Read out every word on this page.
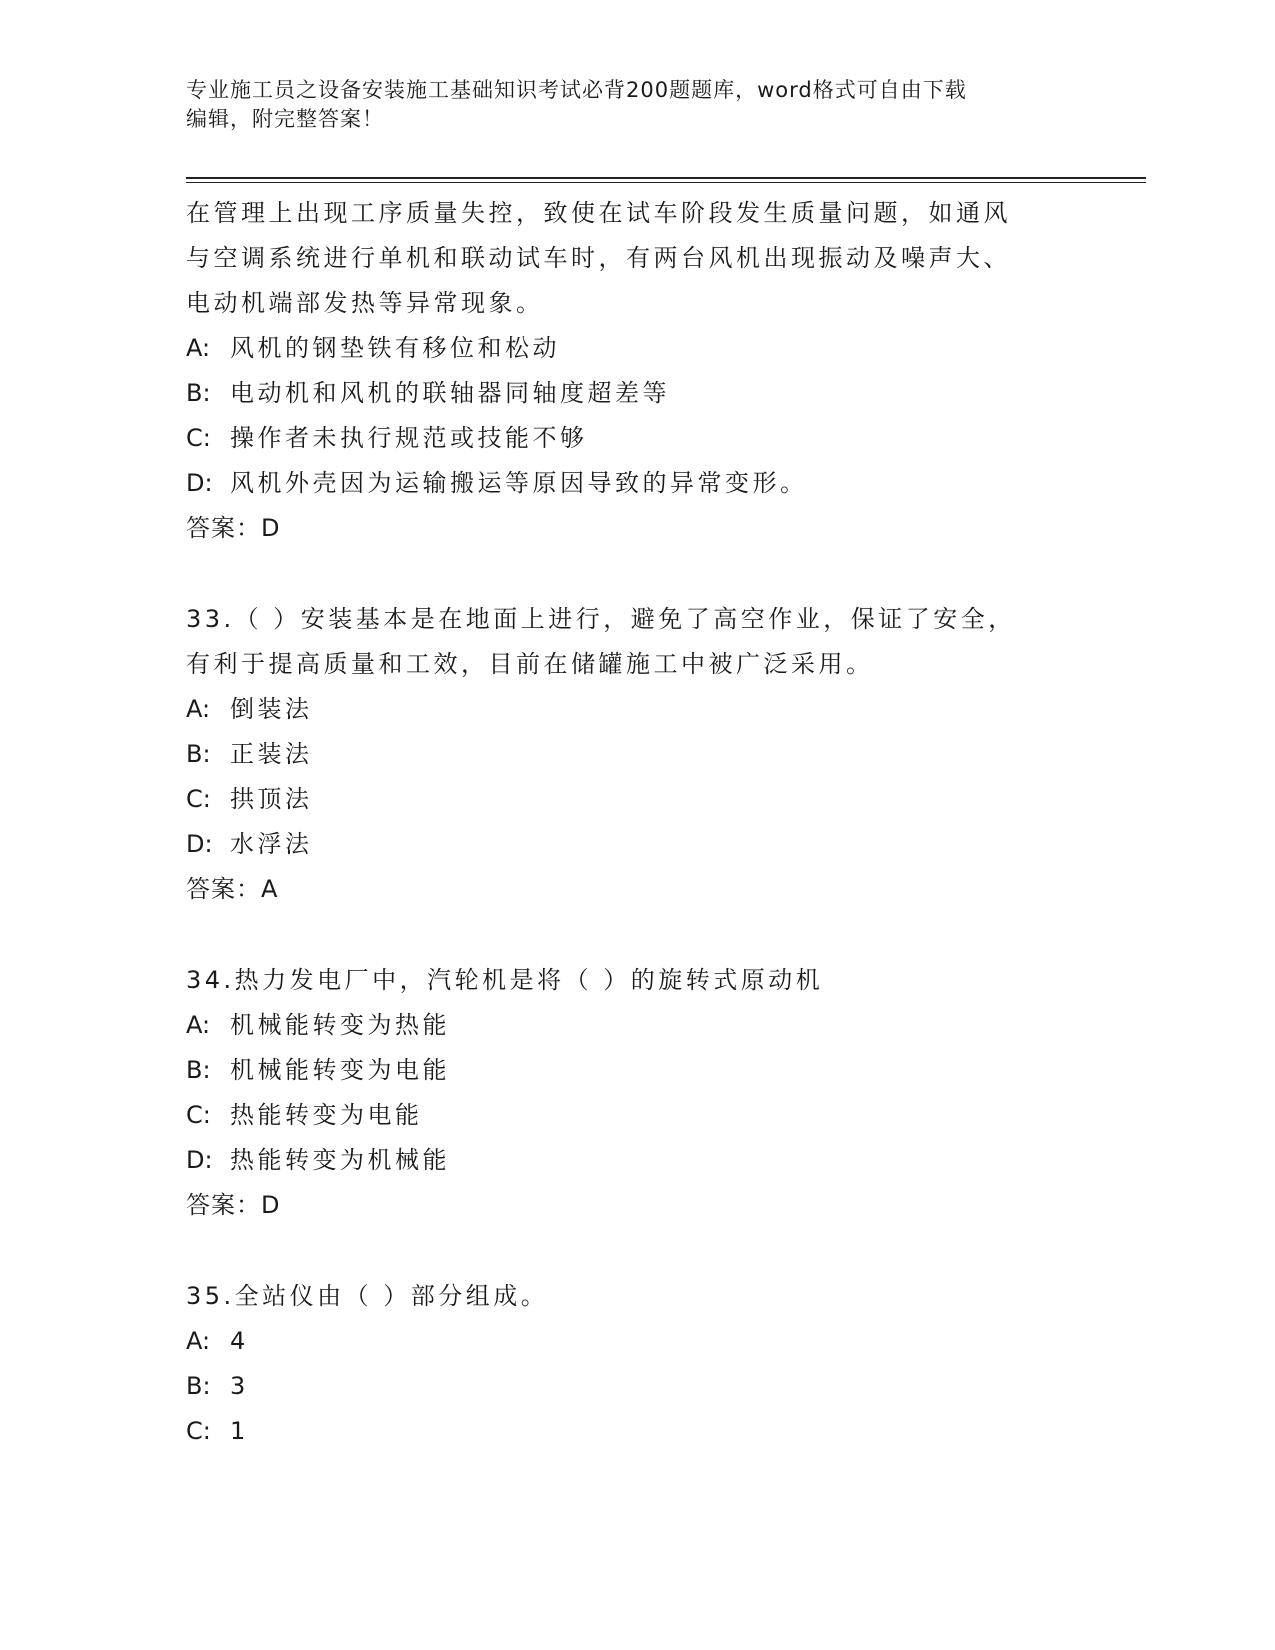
专业施工员之设备安装施工基础知识考试必背200题题库，word格式可自由下载
编辑，附完整答案！
在管理上出现工序质量失控，致使在试车阶段发生质量问题，如通风
与空调系统进行单机和联动试车时，有两台风机出现振动及噪声大、
电动机端部发热等异常现象。
A: 风机的钢垫铁有移位和松动
B: 电动机和风机的联轴器同轴度超差等
C: 操作者未执行规范或技能不够
D: 风机外壳因为运输搬运等原因导致的异常变形。
答案：D
33.（ ）安装基本是在地面上进行，避免了高空作业，保证了安全，
有利于提高质量和工效，目前在储罐施工中被广泛采用。
A: 倒装法
B: 正装法
C: 拱顶法
D: 水浮法
答案：A
34.热力发电厂中，汽轮机是将（ ）的旋转式原动机
A: 机械能转变为热能
B: 机械能转变为电能
C: 热能转变为电能
D: 热能转变为机械能
答案：D
35.全站仪由（ ）部分组成。
A: 4
B: 3
C: 1
